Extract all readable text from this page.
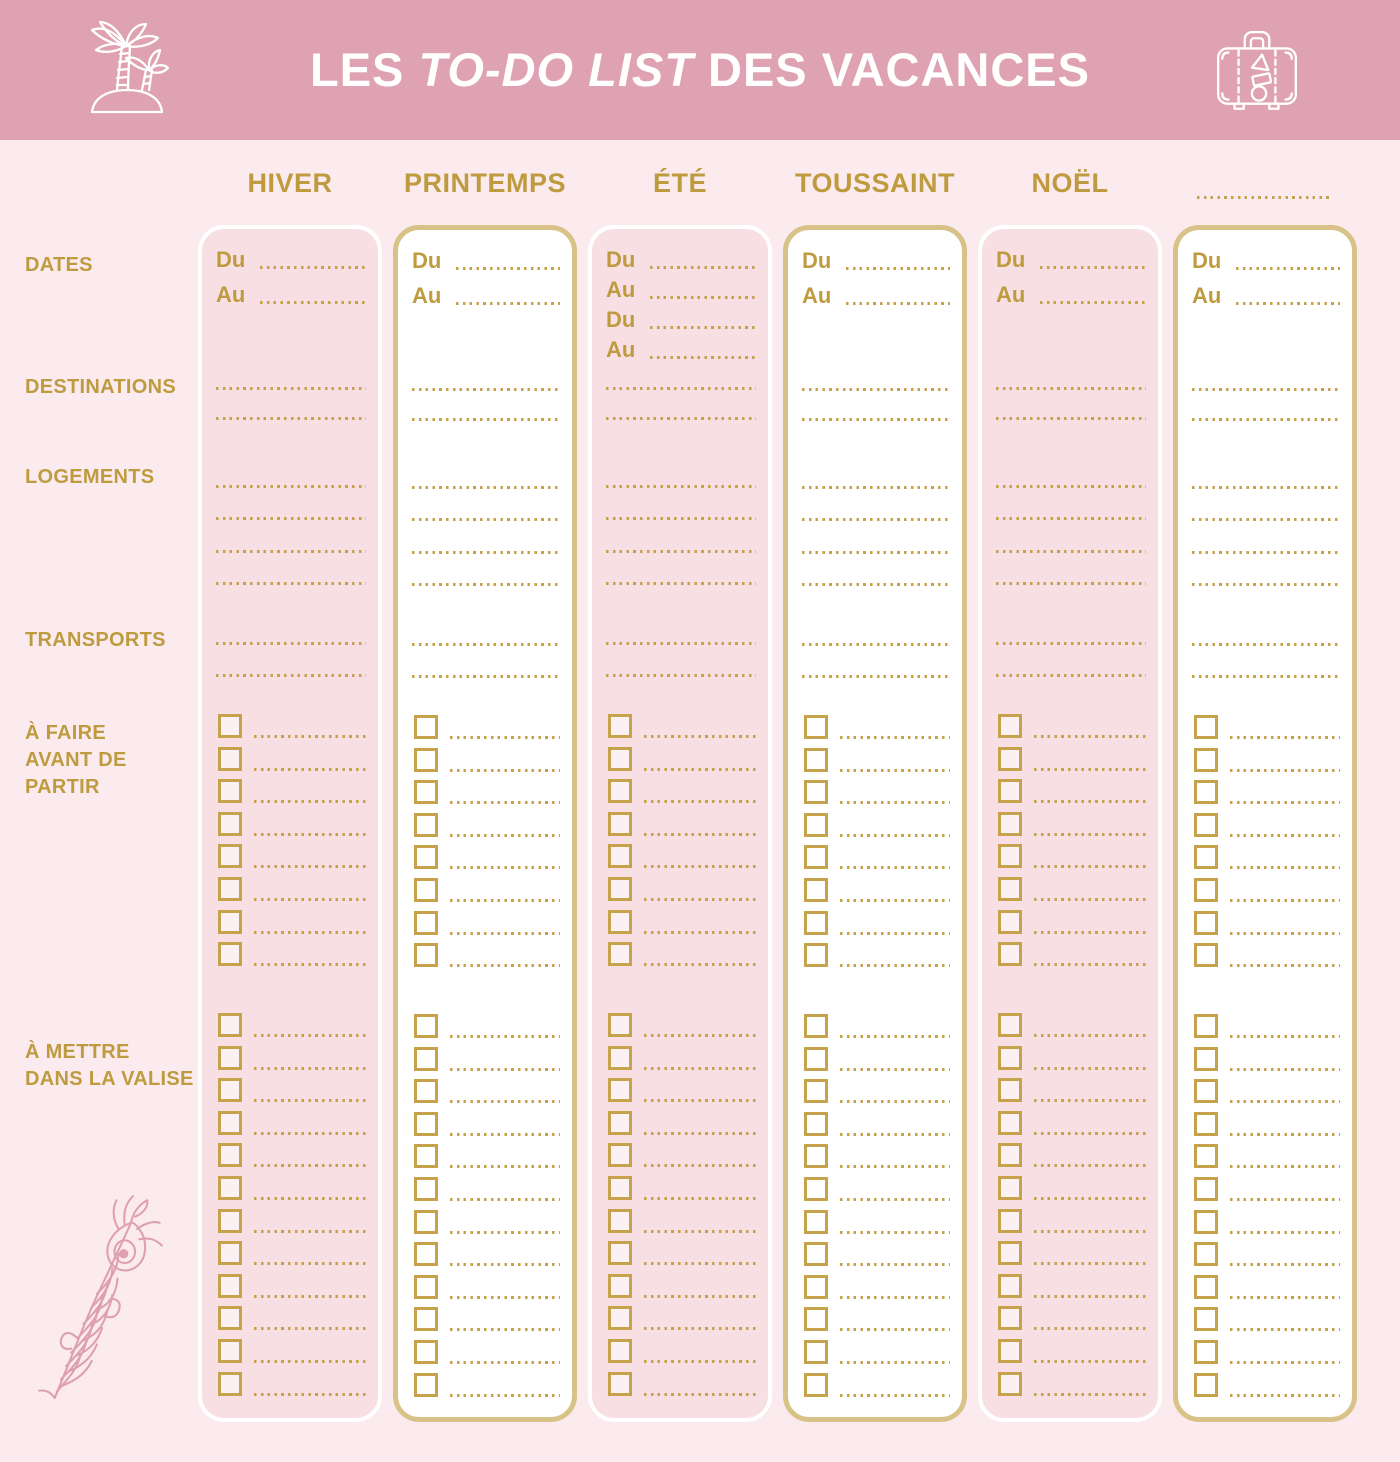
LES TO-DO LIST DES VACANCES
DATES
DESTINATIONS
LOGEMENTS
TRANSPORTS
À FAIRE
AVANT DE
PARTIR
À METTRE
DANS LA VALISE
HIVER
Du
Au
PRINTEMPS
Du
Au
ÉTÉ
Du
Au
Du
Au
TOUSSAINT
Du
Au
NOËL
Du
Au
Du
Au
